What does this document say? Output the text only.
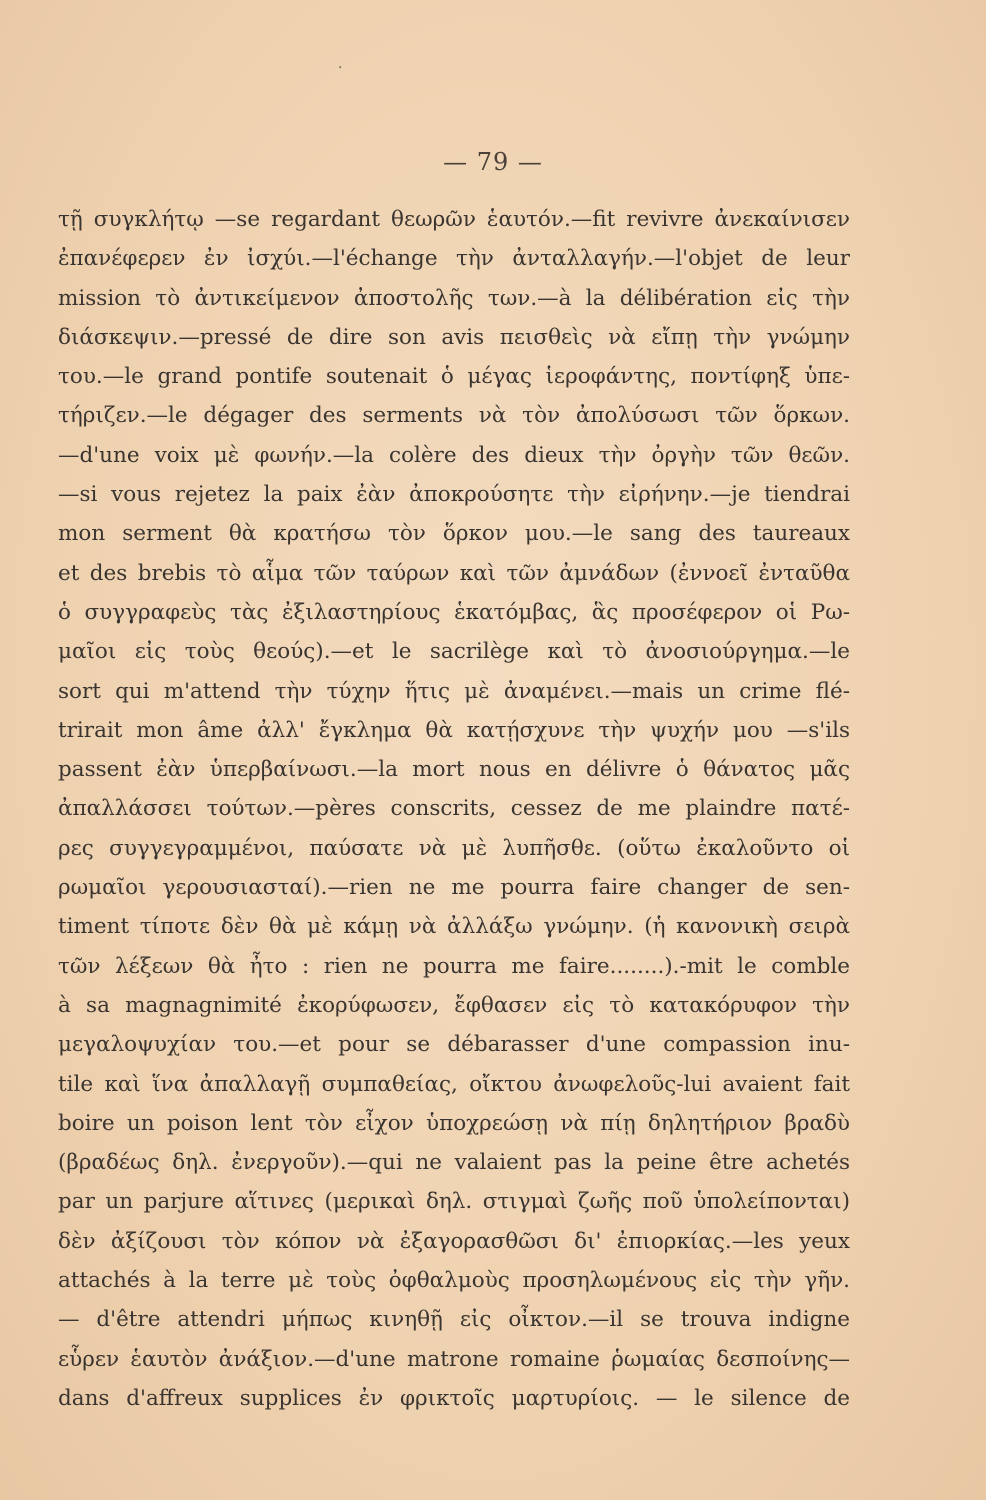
·
— 79 —
τῇ συγκλήτῳ —se regardant θεωρῶν ἑαυτόν.—fit revivre ἀνεκαίνισεν
ἐπανέφερεν ἐν ἰσχύι.—l'échange τὴν ἀνταλλαγήν.—l'objet de leur
mission τὸ ἀντικείμενον ἀποστολῆς των.—à la délibération εἰς τὴν
διάσκεψιν.—pressé de dire son avis πεισθεὶς νὰ εἴπῃ τὴν γνώμην
του.—le grand pontife soutenait ὁ μέγας ἱεροφάντης, ποντίφηξ ὑπε-
τήριζεν.—le dégager des serments νὰ τὸν ἀπολύσωσι τῶν ὅρκων.
—d'une voix μὲ φωνήν.—la colère des dieux τὴν ὀργὴν τῶν θεῶν.
—si vous rejetez la paix ἐὰν ἀποκρούσητε τὴν εἰρήνην.—je tiendrai
mon serment θὰ κρατήσω τὸν ὅρκον μου.—le sang des taureaux
et des brebis τὸ αἷμα τῶν ταύρων καὶ τῶν ἀμνάδων (ἐννοεῖ ἐνταῦθα
ὁ συγγραφεὺς τὰς ἐξιλαστηρίους ἑκατόμβας, ἃς προσέφερον οἱ Ρω-
μαῖοι εἰς τοὺς θεούς).—et le sacrilège καὶ τὸ ἀνοσιούργημα.—le
sort qui m'attend τὴν τύχην ἥτις μὲ ἀναμένει.—mais un crime flé-
trirait mon âme ἀλλ' ἔγκλημα θὰ κατῄσχυνε τὴν ψυχήν μου —s'ils
passent ἐὰν ὑπερβαίνωσι.—la mort nous en délivre ὁ θάνατος μᾶς
ἀπαλλάσσει τούτων.—pères conscrits, cessez de me plaindre πατέ-
ρες συγγεγραμμένοι, παύσατε νὰ μὲ λυπῆσθε. (οὕτω ἐκαλοῦντο οἱ
ρωμαῖοι γερουσιασταί).—rien ne me pourra faire changer de sen-
timent τίποτε δὲν θὰ μὲ κάμῃ νὰ ἀλλάξω γνώμην. (ἡ κανονικὴ σειρὰ
τῶν λέξεων θὰ ἦτο : rien ne pourra me faire........).-mit le comble
à sa magnagnimité ἐκορύφωσεν, ἔφθασεν εἰς τὸ κατακόρυφον τὴν
μεγαλοψυχίαν του.—et pour se débarasser d'une compassion inu-
tile καὶ ἵνα ἀπαλλαγῇ συμπαθείας, οἴκτου ἀνωφελοῦς-lui avaient fait
boire un poison lent τὸν εἶχον ὑποχρεώσῃ νὰ πίῃ δηλητήριον βραδὺ
(βραδέως δηλ. ἐνεργοῦν).—qui ne valaient pas la peine être achetés
par un parjure αἵτινες (μερικαὶ δηλ. στιγμαὶ ζωῆς ποῦ ὑπολείπονται)
δὲν ἀξίζουσι τὸν κόπον νὰ ἐξαγορασθῶσι δι' ἐπιορκίας.—les yeux
attachés à la terre μὲ τοὺς ὀφθαλμοὺς προσηλωμένους εἰς τὴν γῆν.
— d'être attendri μήπως κινηθῇ εἰς οἶκτον.—il se trouva indigne
εὗρεν ἑαυτὸν ἀνάξιον.—d'une matrone romaine ῥωμαίας δεσποίνης—
dans d'affreux supplices ἐν φρικτοῖς μαρτυρίοις. — le silence de
